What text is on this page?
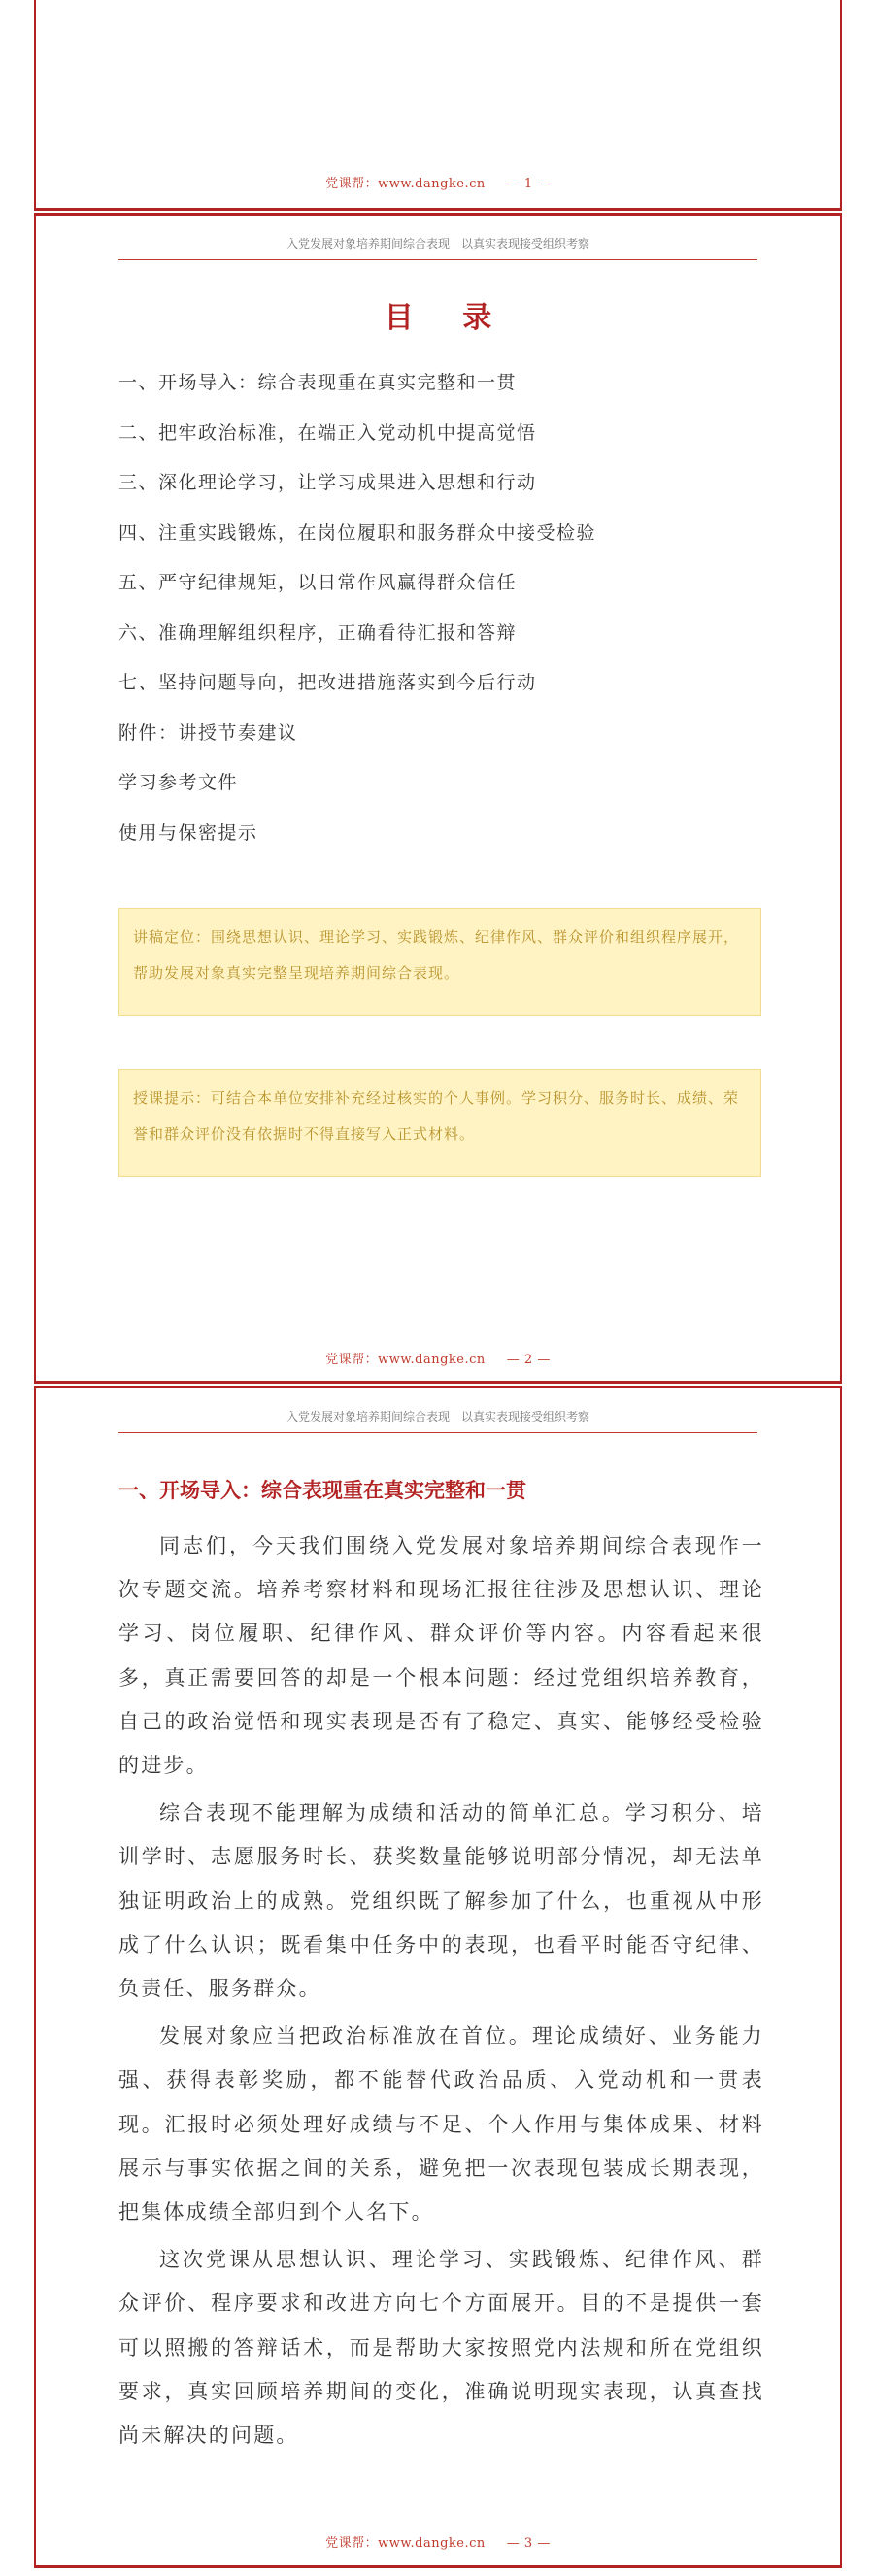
党课帮：www.dangke.cn — 1 —
入党发展对象培养期间综合表现　以真实表现接受组织考察
目 录
一、开场导入：综合表现重在真实完整和一贯
二、把牢政治标准，在端正入党动机中提高觉悟
三、深化理论学习，让学习成果进入思想和行动
四、注重实践锻炼，在岗位履职和服务群众中接受检验
五、严守纪律规矩，以日常作风赢得群众信任
六、准确理解组织程序，正确看待汇报和答辩
七、坚持问题导向，把改进措施落实到今后行动
附件：讲授节奏建议
学习参考文件
使用与保密提示
讲稿定位：围绕思想认识、理论学习、实践锻炼、纪律作风、群众评价和组织程序展开，帮助发展对象真实完整呈现培养期间综合表现。
授课提示：可结合本单位安排补充经过核实的个人事例。学习积分、服务时长、成绩、荣誉和群众评价没有依据时不得直接写入正式材料。
党课帮：www.dangke.cn — 2 —
入党发展对象培养期间综合表现　以真实表现接受组织考察
一、开场导入：综合表现重在真实完整和一贯

同志们，今天我们围绕入党发展对象培养期间综合表现作一次专题交流。培养考察材料和现场汇报往往涉及思想认识、理论学习、岗位履职、纪律作风、群众评价等内容。内容看起来很多，真正需要回答的却是一个根本问题：经过党组织培养教育，自己的政治觉悟和现实表现是否有了稳定、真实、能够经受检验的进步。

综合表现不能理解为成绩和活动的简单汇总。学习积分、培训学时、志愿服务时长、获奖数量能够说明部分情况，却无法单独证明政治上的成熟。党组织既了解参加了什么，也重视从中形成了什么认识；既看集中任务中的表现，也看平时能否守纪律、负责任、服务群众。

发展对象应当把政治标准放在首位。理论成绩好、业务能力强、获得表彰奖励，都不能替代政治品质、入党动机和一贯表现。汇报时必须处理好成绩与不足、个人作用与集体成果、材料展示与事实依据之间的关系，避免把一次表现包装成长期表现，把集体成绩全部归到个人名下。

这次党课从思想认识、理论学习、实践锻炼、纪律作风、群众评价、程序要求和改进方向七个方面展开。目的不是提供一套可以照搬的答辩话术，而是帮助大家按照党内法规和所在党组织要求，真实回顾培养期间的变化，准确说明现实表现，认真查找尚未解决的问题。

党课帮：www.dangke.cn — 3 —
